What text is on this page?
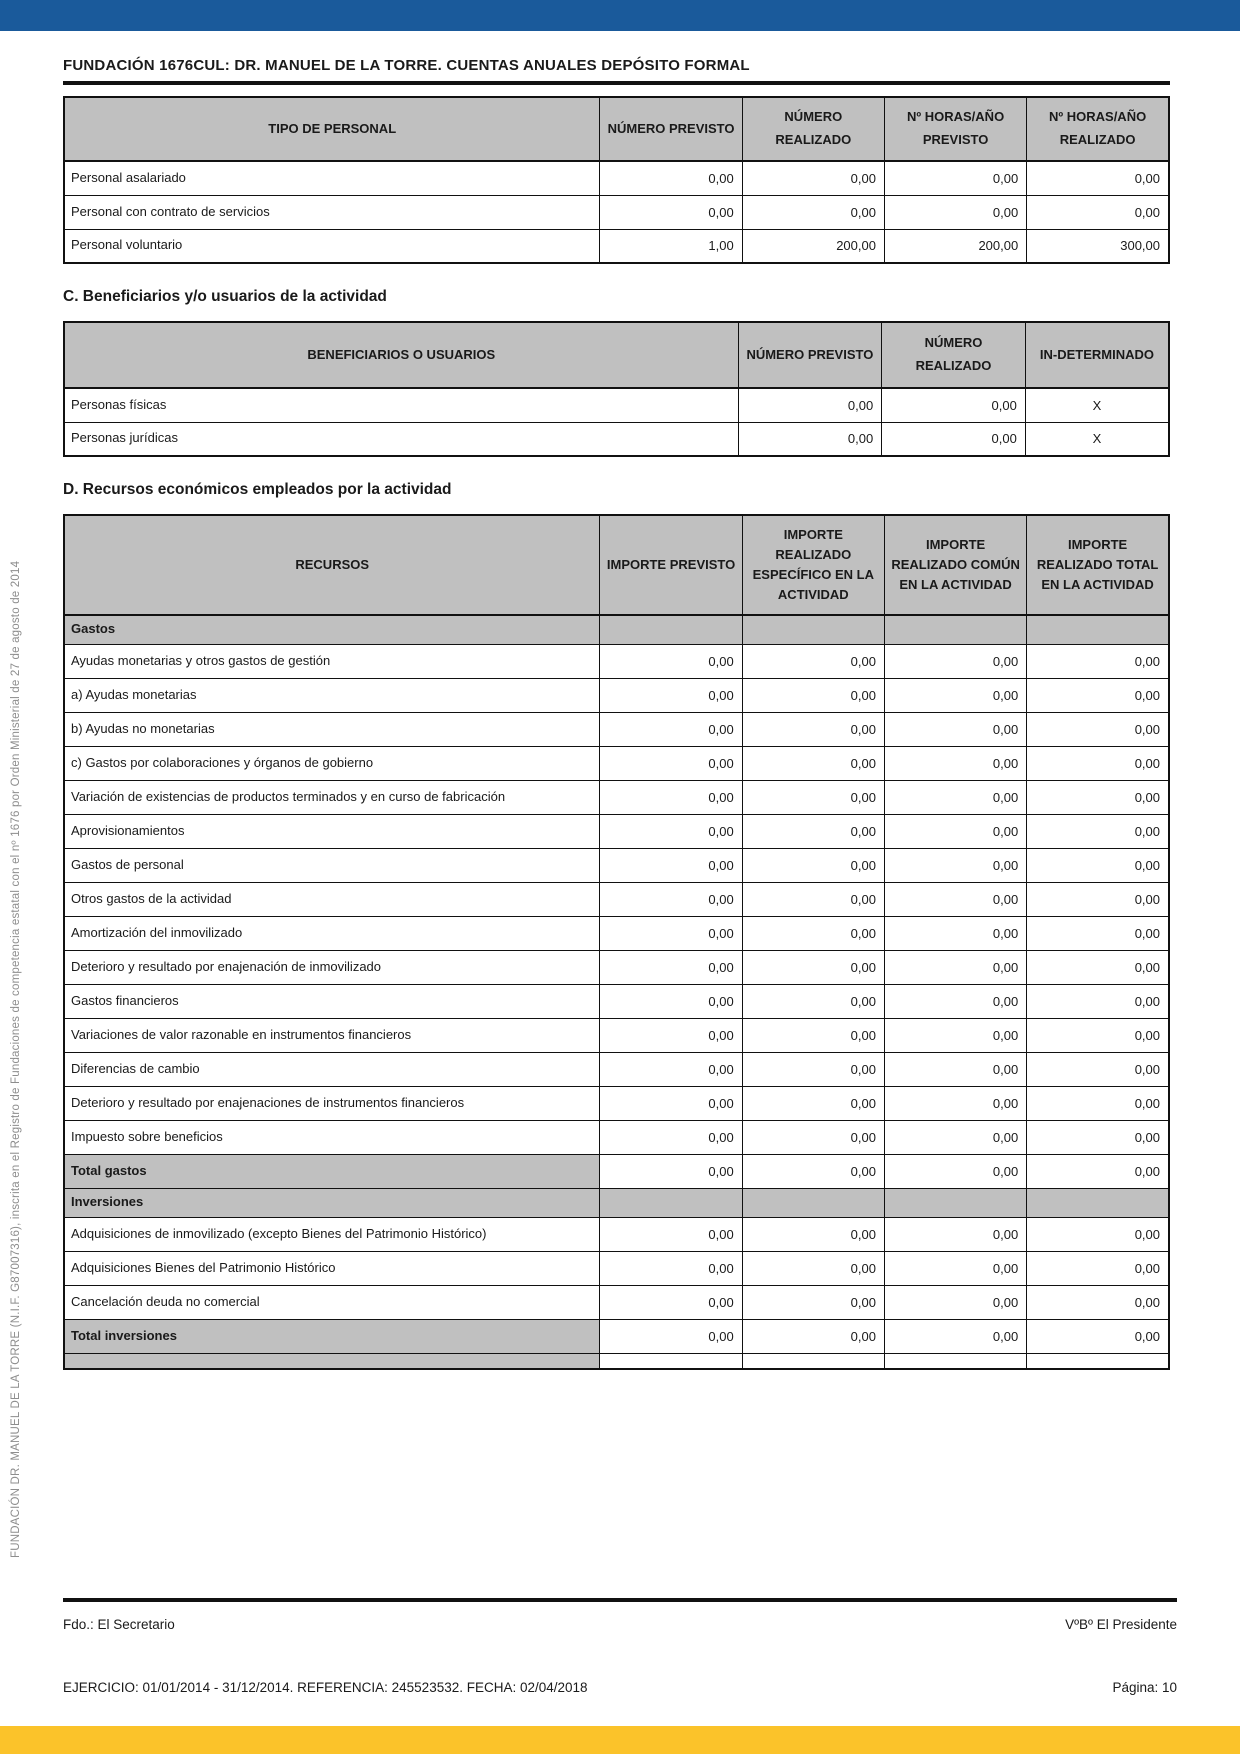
FUNDACIÓN DR. MANUEL DE LA TORRE (N.I.F. G87007316), inscrita en el Registro de Fundaciones de competencia estatal con el nº 1676 por Orden Ministerial de 27 de agosto de 2014
FUNDACIÓN 1676CUL: DR. MANUEL DE LA TORRE. CUENTAS ANUALES DEPÓSITO FORMAL
TIPO DE PERSONAL	NÚMERO PREVISTO	NÚMERO REALIZADO	Nº HORAS/AÑO PREVISTO	Nº HORAS/AÑO REALIZADO
Personal asalariado	0,00	0,00	0,00	0,00
Personal con contrato de servicios	0,00	0,00	0,00	0,00
Personal voluntario	1,00	200,00	200,00	300,00
C. Beneficiarios y/o usuarios de la actividad
BENEFICIARIOS O USUARIOS	NÚMERO PREVISTO	NÚMERO REALIZADO	IN-DETERMINADO
Personas físicas	0,00	0,00	X
Personas jurídicas	0,00	0,00	X
D. Recursos económicos empleados por la actividad
RECURSOS	IMPORTE PREVISTO	IMPORTE REALIZADO ESPECÍFICO EN LA ACTIVIDAD	IMPORTE REALIZADO COMÚN EN LA ACTIVIDAD	IMPORTE REALIZADO TOTAL EN LA ACTIVIDAD
Gastos				
Ayudas monetarias y otros gastos de gestión	0,00	0,00	0,00	0,00
a) Ayudas monetarias	0,00	0,00	0,00	0,00
b) Ayudas no monetarias	0,00	0,00	0,00	0,00
c) Gastos por colaboraciones y órganos de gobierno	0,00	0,00	0,00	0,00
Variación de existencias de productos terminados y en curso de fabricación	0,00	0,00	0,00	0,00
Aprovisionamientos	0,00	0,00	0,00	0,00
Gastos de personal	0,00	0,00	0,00	0,00
Otros gastos de la actividad	0,00	0,00	0,00	0,00
Amortización del inmovilizado	0,00	0,00	0,00	0,00
Deterioro y resultado por enajenación de inmovilizado	0,00	0,00	0,00	0,00
Gastos financieros	0,00	0,00	0,00	0,00
Variaciones de valor razonable en instrumentos financieros	0,00	0,00	0,00	0,00
Diferencias de cambio	0,00	0,00	0,00	0,00
Deterioro y resultado por enajenaciones de instrumentos financieros	0,00	0,00	0,00	0,00
Impuesto sobre beneficios	0,00	0,00	0,00	0,00
Total gastos	0,00	0,00	0,00	0,00
Inversiones				
Adquisiciones de inmovilizado (excepto Bienes del Patrimonio Histórico)	0,00	0,00	0,00	0,00
Adquisiciones Bienes del Patrimonio Histórico	0,00	0,00	0,00	0,00
Cancelación deuda no comercial	0,00	0,00	0,00	0,00
Total inversiones	0,00	0,00	0,00	0,00

Fdo.: El Secretario	VºBº El Presidente
EJERCICIO: 01/01/2014 - 31/12/2014. REFERENCIA: 245523532. FECHA: 02/04/2018	Página: 10
